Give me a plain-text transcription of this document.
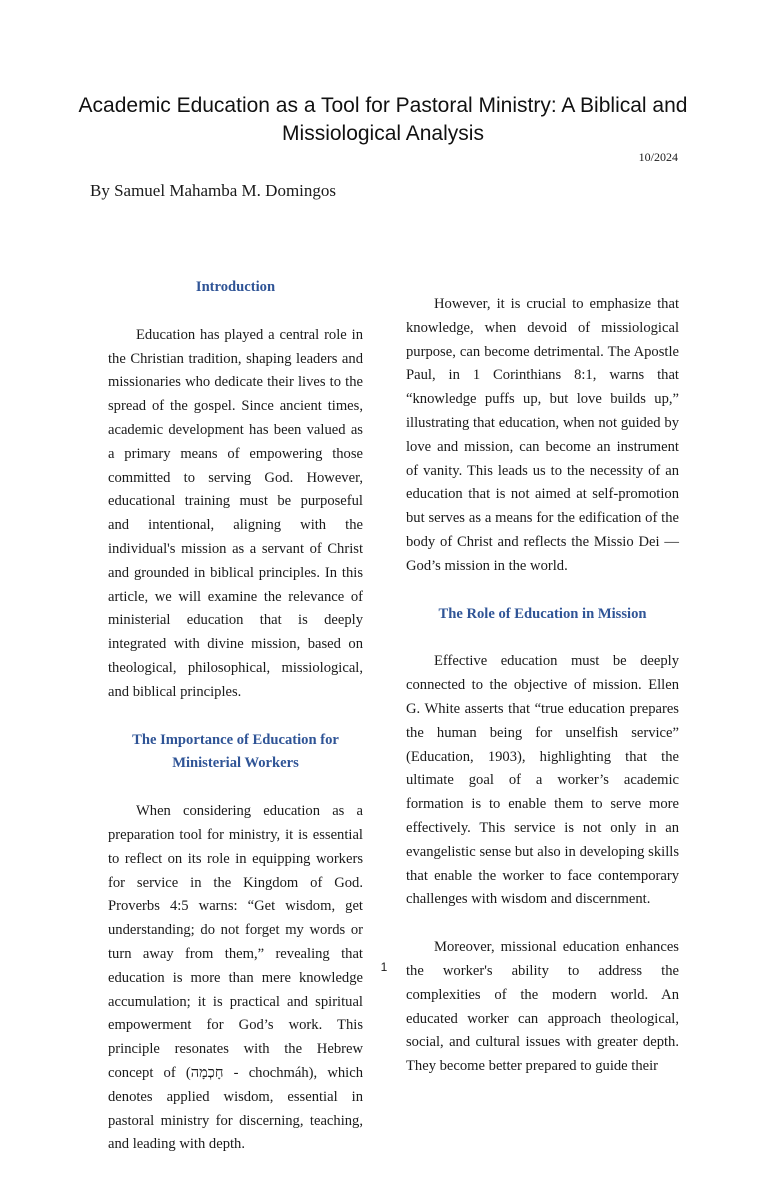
Academic Education as a Tool for Pastoral Ministry: A Biblical and Missiological Analysis
10/2024
By Samuel Mahamba M. Domingos
Introduction

Education has played a central role in the Christian tradition, shaping leaders and missionaries who dedicate their lives to the spread of the gospel. Since ancient times, academic development has been valued as a primary means of empowering those committed to serving God. However, educational training must be purposeful and intentional, aligning with the individual's mission as a servant of Christ and grounded in biblical principles. In this article, we will examine the relevance of ministerial education that is deeply integrated with divine mission, based on theological, philosophical, missiological, and biblical principles.

The Importance of Education for Ministerial Workers

When considering education as a preparation tool for ministry, it is essential to reflect on its role in equipping workers for service in the Kingdom of God. Proverbs 4:5 warns: “Get wisdom, get understanding; do not forget my words or turn away from them,” revealing that education is more than mere knowledge accumulation; it is practical and spiritual empowerment for God’s work. This principle resonates with the Hebrew concept of (חָכְמָה - chochmáh), which denotes applied wisdom, essential in pastoral ministry for discerning, teaching, and leading with depth.

However, it is crucial to emphasize that knowledge, when devoid of missiological purpose, can become detrimental. The Apostle Paul, in 1 Corinthians 8:1, warns that “knowledge puffs up, but love builds up,” illustrating that education, when not guided by love and mission, can become an instrument of vanity. This leads us to the necessity of an education that is not aimed at self-promotion but serves as a means for the edification of the body of Christ and reflects the Missio Dei — God’s mission in the world.

The Role of Education in Mission

Effective education must be deeply connected to the objective of mission. Ellen G. White asserts that “true education prepares the human being for unselfish service” (Education, 1903), highlighting that the ultimate goal of a worker’s academic formation is to enable them to serve more effectively. This service is not only in an evangelistic sense but also in developing skills that enable the worker to face contemporary challenges with wisdom and discernment.

Moreover, missional education enhances the worker's ability to address the complexities of the modern world. An educated worker can approach theological, social, and cultural issues with greater depth. They become better prepared to guide their

1
